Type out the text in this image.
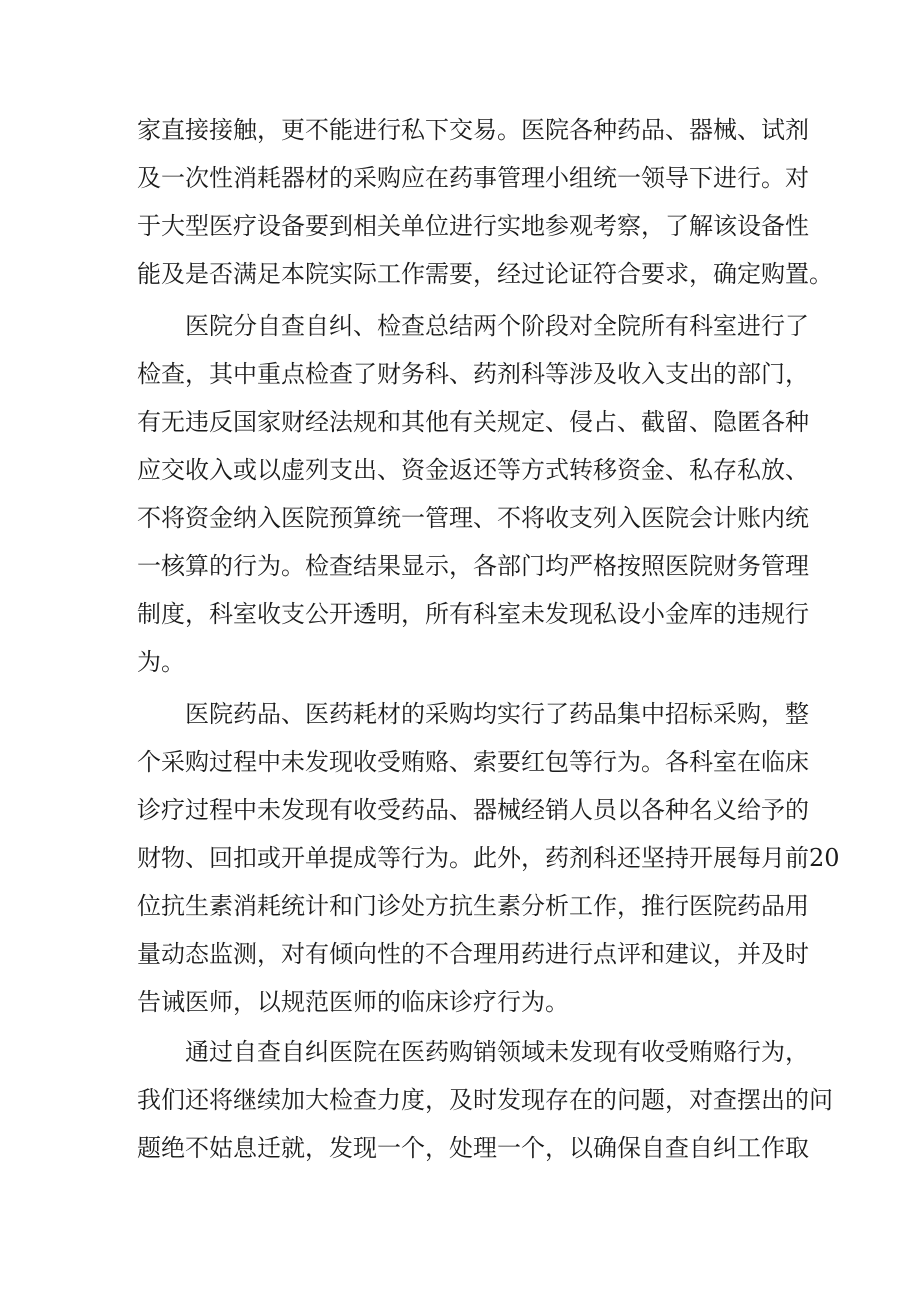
家直接接触，更不能进行私下交易。医院各种药品、器械、试剂
及一次性消耗器材的采购应在药事管理小组统一领导下进行。对
于大型医疗设备要到相关单位进行实地参观考察，了解该设备性
能及是否满足本院实际工作需要，经过论证符合要求，确定购置。
医院分自查自纠、检查总结两个阶段对全院所有科室进行了
检查，其中重点检查了财务科、药剂科等涉及收入支出的部门，
有无违反国家财经法规和其他有关规定、侵占、截留、隐匿各种
应交收入或以虚列支出、资金返还等方式转移资金、私存私放、
不将资金纳入医院预算统一管理、不将收支列入医院会计账内统
一核算的行为。检查结果显示，各部门均严格按照医院财务管理
制度，科室收支公开透明，所有科室未发现私设小金库的违规行
为。
医院药品、医药耗材的采购均实行了药品集中招标采购，整
个采购过程中未发现收受贿赂、索要红包等行为。各科室在临床
诊疗过程中未发现有收受药品、器械经销人员以各种名义给予的
财物、回扣或开单提成等行为。此外，药剂科还坚持开展每月前20
位抗生素消耗统计和门诊处方抗生素分析工作，推行医院药品用
量动态监测，对有倾向性的不合理用药进行点评和建议，并及时
告诫医师，以规范医师的临床诊疗行为。
通过自查自纠医院在医药购销领域未发现有收受贿赂行为，
我们还将继续加大检查力度，及时发现存在的问题，对查摆出的问
题绝不姑息迁就，发现一个，处理一个，以确保自查自纠工作取
